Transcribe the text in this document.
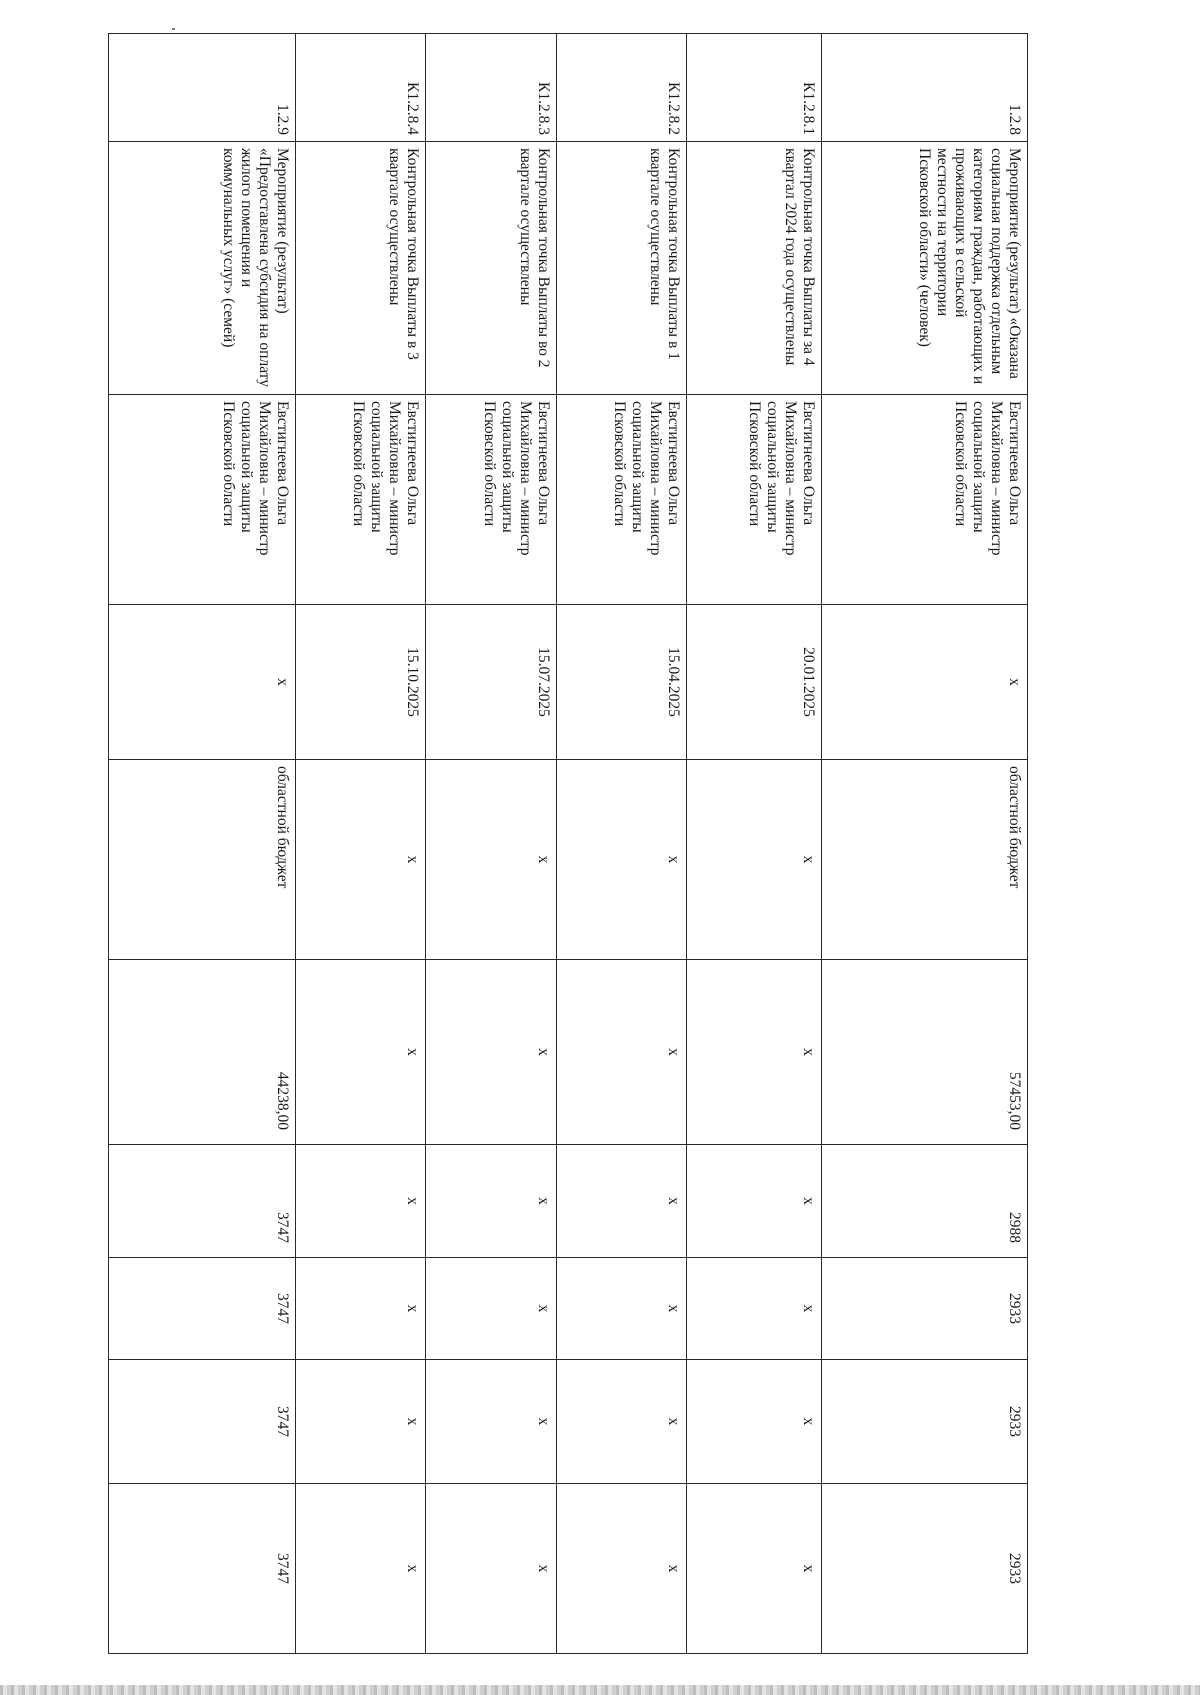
1.2.8	Мероприятие (результат) «Оказана социальная поддержка отдельным категориям граждан, работающих и проживающих в сельской местности на территории Псковской области» (человек)	Евстигнеева Ольга Михайловна – министр социальной защиты Псковской области	x	областной бюджет	57453,00	2988	2933	2933	2933
К1.2.8.1	Контрольная точка Выплаты за 4 квартал 2024 года осуществлены	Евстигнеева Ольга Михайловна – министр социальной защиты Псковской области	20.01.2025	x	x	x	x	x	x
К1.2.8.2	Контрольная точка Выплаты в 1 квартале осуществлены	Евстигнеева Ольга Михайловна – министр социальной защиты Псковской области	15.04.2025	x	x	x	x	x	x
К1.2.8.3	Контрольная точка Выплаты во 2 квартале осуществлены	Евстигнеева Ольга Михайловна – министр социальной защиты Псковской области	15.07.2025	x	x	x	x	x	x
К1.2.8.4	Контрольная точка Выплаты в 3 квартале осуществлены	Евстигнеева Ольга Михайловна – министр социальной защиты Псковской области	15.10.2025	x	x	x	x	x	x
1.2.9	Мероприятие (результат) «Предоставлена субсидия на оплату жилого помещения и коммунальных услуг» (семей)	Евстигнеева Ольга Михайловна – министр социальной защиты Псковской области	x	областной бюджет	44238,00	3747	3747	3747	3747
